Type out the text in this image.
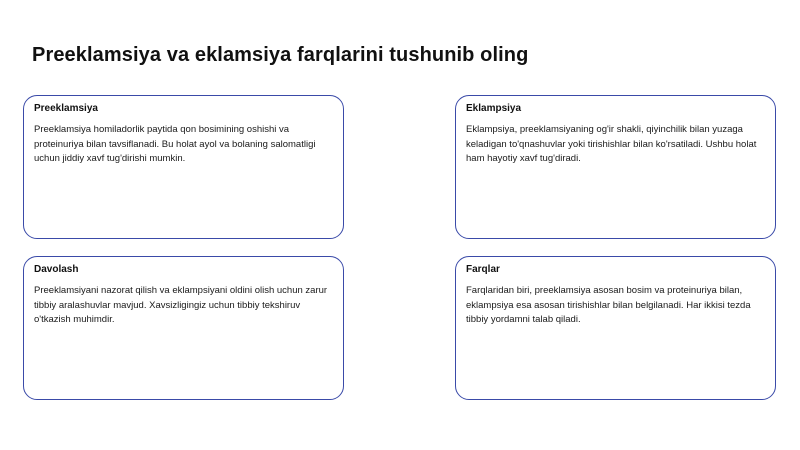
Preeklamsiya va eklamsiya farqlarini tushunib oling
Preeklamsiya

Preeklamsiya homiladorlik paytida qon bosimining oshishi va proteinuriya bilan tavsiflanadi. Bu holat ayol va bolaning salomatligi uchun jiddiy xavf tug'dirishi mumkin.

Eklampsiya

Eklampsiya, preeklamsiyaning og'ir shakli, qiyinchilik bilan yuzaga keladigan to'qnashuvlar yoki tirishishlar bilan ko'rsatiladi. Ushbu holat ham hayotiy xavf tug'diradi.

Davolash

Preeklamsiyani nazorat qilish va eklampsiyani oldini olish uchun zarur tibbiy aralashuvlar mavjud. Xavsizligingiz uchun tibbiy tekshiruv o'tkazish muhimdir.

Farqlar

Farqlaridan biri, preeklamsiya asosan bosim va proteinuriya bilan, eklampsiya esa asosan tirishishlar bilan belgilanadi. Har ikkisi tezda tibbiy yordamni talab qiladi.
